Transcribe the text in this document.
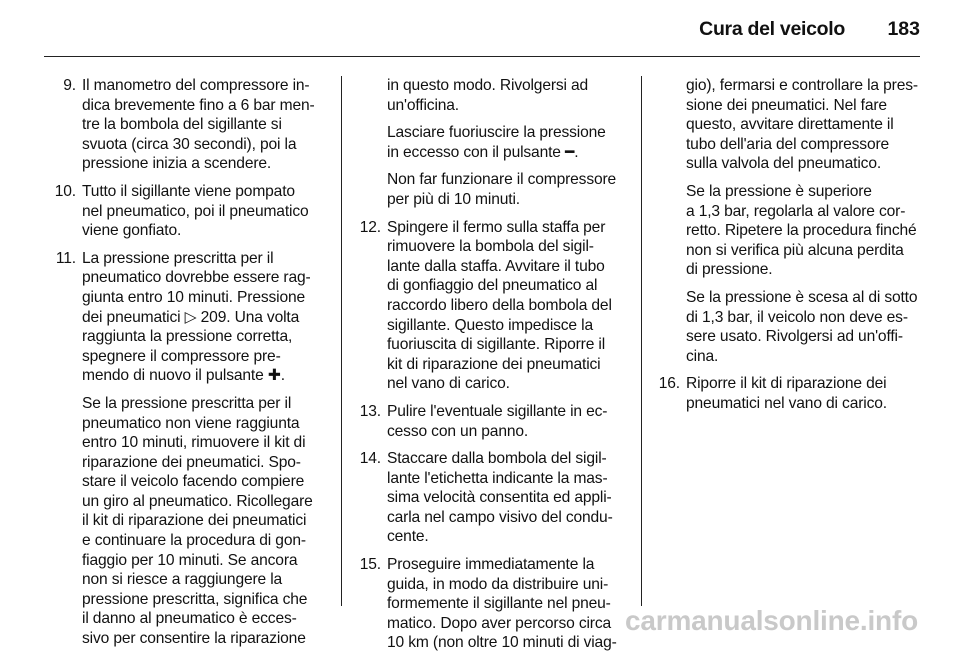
Cura del veicolo 183
9. Il manometro del compressore in-
dica brevemente fino a 6 bar men-
tre la bombola del sigillante si
svuota (circa 30 secondi), poi la
pressione inizia a scendere.
10. Tutto il sigillante viene pompato
nel pneumatico, poi il pneumatico
viene gonfiato.
11. La pressione prescritta per il
pneumatico dovrebbe essere rag-
giunta entro 10 minuti. Pressione
dei pneumatici ▷ 209. Una volta
raggiunta la pressione corretta,
spegnere il compressore pre-
mendo di nuovo il pulsante ✚.
Se la pressione prescritta per il
pneumatico non viene raggiunta
entro 10 minuti, rimuovere il kit di
riparazione dei pneumatici. Spo-
stare il veicolo facendo compiere
un giro al pneumatico. Ricollegare
il kit di riparazione dei pneumatici
e continuare la procedura di gon-
fiaggio per 10 minuti. Se ancora
non si riesce a raggiungere la
pressione prescritta, significa che
il danno al pneumatico è ecces-
sivo per consentire la riparazione
in questo modo. Rivolgersi ad
un'officina.
Lasciare fuoriuscire la pressione
in eccesso con il pulsante ━.
Non far funzionare il compressore
per più di 10 minuti.
12. Spingere il fermo sulla staffa per
rimuovere la bombola del sigil-
lante dalla staffa. Avvitare il tubo
di gonfiaggio del pneumatico al
raccordo libero della bombola del
sigillante. Questo impedisce la
fuoriuscita di sigillante. Riporre il
kit di riparazione dei pneumatici
nel vano di carico.
13. Pulire l'eventuale sigillante in ec-
cesso con un panno.
14. Staccare dalla bombola del sigil-
lante l'etichetta indicante la mas-
sima velocità consentita ed appli-
carla nel campo visivo del condu-
cente.
15. Proseguire immediatamente la
guida, in modo da distribuire uni-
formemente il sigillante nel pneu-
matico. Dopo aver percorso circa
10 km (non oltre 10 minuti di viag-
gio), fermarsi e controllare la pres-
sione dei pneumatici. Nel fare
questo, avvitare direttamente il
tubo dell'aria del compressore
sulla valvola del pneumatico.
Se la pressione è superiore
a 1,3 bar, regolarla al valore cor-
retto. Ripetere la procedura finché
non si verifica più alcuna perdita
di pressione.
Se la pressione è scesa al di sotto
di 1,3 bar, il veicolo non deve es-
sere usato. Rivolgersi ad un'offi-
cina.
16. Riporre il kit di riparazione dei
pneumatici nel vano di carico.
carmanualsonline.info
